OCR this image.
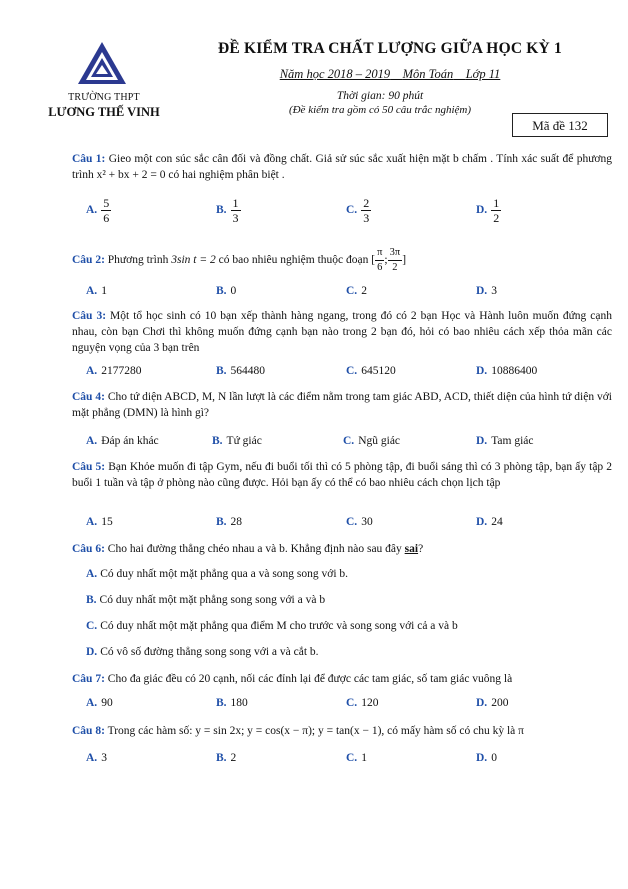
TRƯỜNG THPT
LƯƠNG THẾ VINH
ĐỀ KIỂM TRA CHẤT LƯỢNG GIỮA HỌC KỲ 1
Năm học 2018 – 2019 Môn Toán Lớp 11
Thời gian: 90 phút
(Đề kiểm tra gồm có 50 câu trắc nghiệm)
Mã đề 132
Câu 1: Gieo một con súc sắc cân đối và đồng chất. Giả sử súc sắc xuất hiện mặt b chấm . Tính xác suất để phương trình x² + bx + 2 = 0 có hai nghiệm phân biệt .
A. $\frac{5}{6}$	B. $\frac{1}{3}$	C. $\frac{2}{3}$	D. $\frac{1}{2}$
Câu 2: Phương trình 3sin t = 2 có bao nhiêu nghiệm thuộc đoạn [ $\frac{\pi}{6}$ ; $\frac{3\pi}{2}$ ]
A. 1	B. 0	C. 2	D. 3
Câu 3: Một tổ học sinh có 10 bạn xếp thành hàng ngang, trong đó có 2 bạn Học và Hành luôn muốn đứng cạnh nhau, còn bạn Chơi thì không muốn đứng cạnh bạn nào trong 2 bạn đó, hỏi có bao nhiêu cách xếp thỏa mãn các nguyện vọng của 3 bạn trên
A. 2177280	B. 564480	C. 645120	D. 10886400
Câu 4: Cho tứ diện ABCD, M, N lần lượt là các điểm nằm trong tam giác ABD, ACD, thiết diện của hình tứ diện với mặt phẳng (DMN) là hình gì?
A. Đáp án khác	B. Tứ giác	C. Ngũ giác	D. Tam giác
Câu 5: Bạn Khỏe muốn đi tập Gym, nếu đi buổi tối thì có 5 phòng tập, đi buổi sáng thì có 3 phòng tập, bạn ấy tập 2 buổi 1 tuần và tập ở phòng nào cũng được. Hỏi bạn ấy có thể có bao nhiêu cách chọn lịch tập
A. 15	B. 28	C. 30	D. 24
Câu 6: Cho hai đường thẳng chéo nhau a và b. Khẳng định nào sau đây sai?
A. Có duy nhất một mặt phẳng qua a và song song với b.
B. Có duy nhất một mặt phẳng song song với a và b
C. Có duy nhất một mặt phẳng qua điểm M cho trước và song song với cả a và b
D. Có vô số đường thẳng song song với a và cắt b.
Câu 7: Cho đa giác đều có 20 cạnh, nối các đỉnh lại để được các tam giác, số tam giác vuông là
A. 90	B. 180	C. 120	D. 200
Câu 8: Trong các hàm số: y = sin 2x; y = cos(x − π); y = tan(x − 1), có mấy hàm số có chu kỳ là π
A. 3	B. 2	C. 1	D. 0
